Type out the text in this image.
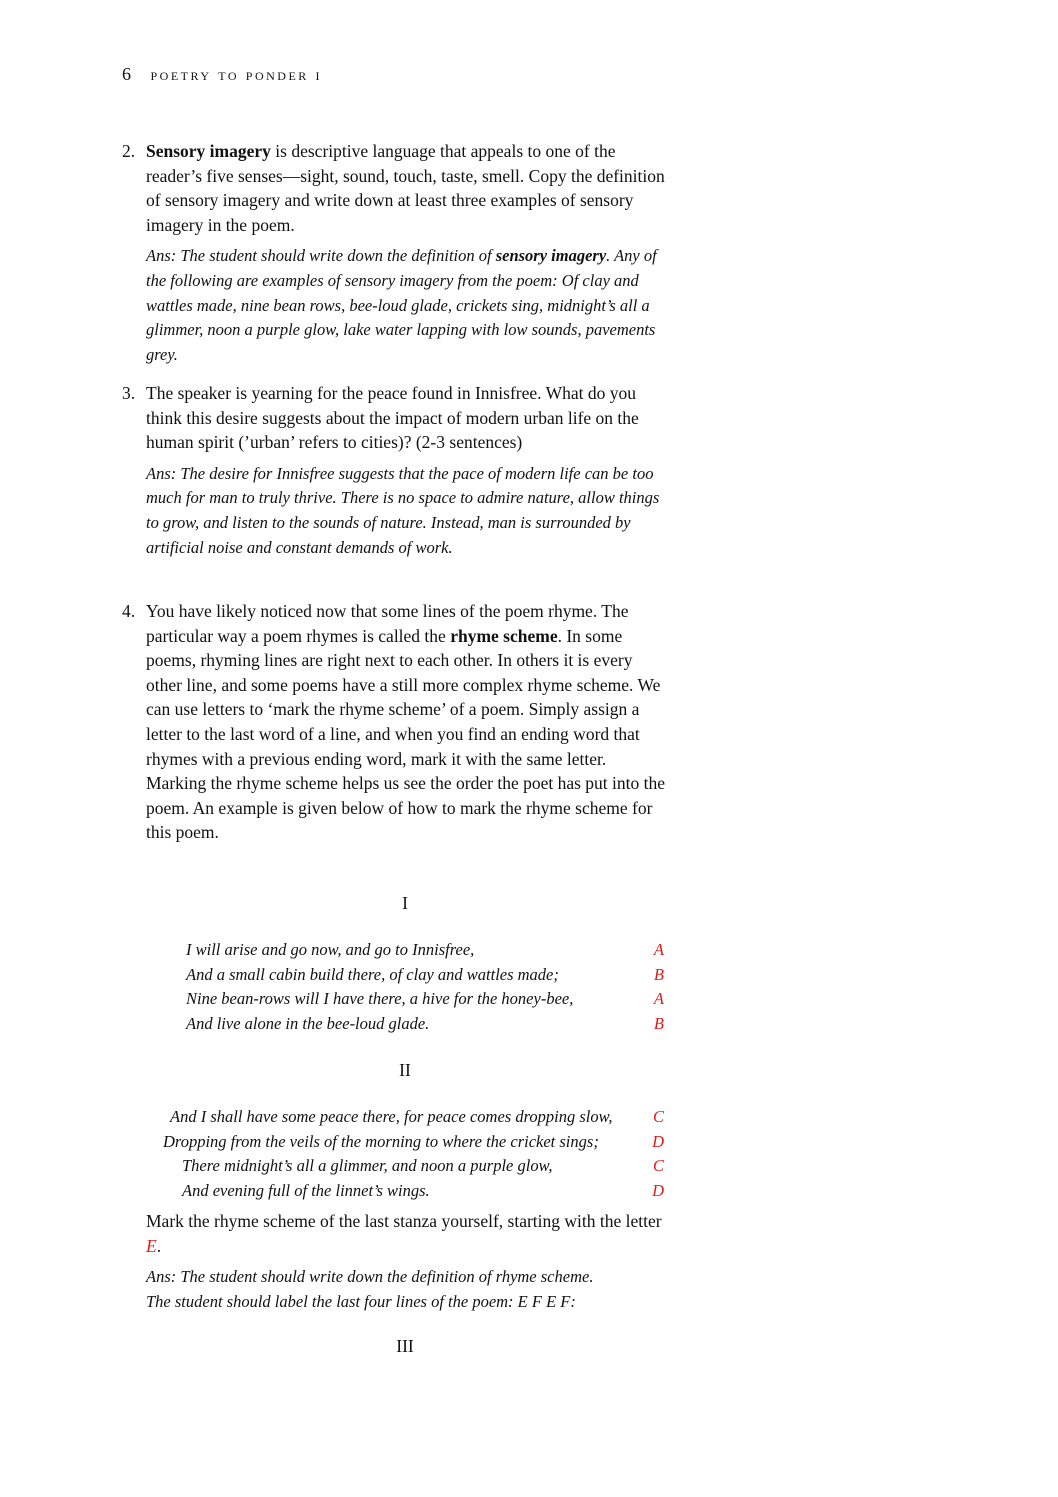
6 poetry to ponder i
2. Sensory imagery is descriptive language that appeals to one of the reader’s five senses—sight, sound, touch, taste, smell. Copy the definition of sensory imagery and write down at least three examples of sensory imagery in the poem.
Ans: The student should write down the definition of sensory imagery. Any of the following are examples of sensory imagery from the poem: Of clay and wattles made, nine bean rows, bee-loud glade, crickets sing, midnight’s all a glimmer, noon a purple glow, lake water lapping with low sounds, pavements grey.
3. The speaker is yearning for the peace found in Innisfree. What do you think this desire suggests about the impact of modern urban life on the human spirit (’urban’ refers to cities)? (2-3 sentences)
Ans: The desire for Innisfree suggests that the pace of modern life can be too much for man to truly thrive. There is no space to admire nature, allow things to grow, and listen to the sounds of nature. Instead, man is surrounded by artificial noise and constant demands of work.
4. You have likely noticed now that some lines of the poem rhyme. The particular way a poem rhymes is called the rhyme scheme. In some poems, rhyming lines are right next to each other. In others it is every other line, and some poems have a still more complex rhyme scheme. We can use letters to ‘mark the rhyme scheme’ of a poem. Simply assign a letter to the last word of a line, and when you find an ending word that rhymes with a previous ending word, mark it with the same letter. Marking the rhyme scheme helps us see the order the poet has put into the poem. An example is given below of how to mark the rhyme scheme for this poem.
I
I will arise and go now, and go to Innisfree,	A
And a small cabin build there, of clay and wattles made;	B
Nine bean-rows will I have there, a hive for the honey-bee,	A
And live alone in the bee-loud glade.	B
II
And I shall have some peace there, for peace comes dropping slow, C
Dropping from the veils of the morning to where the cricket sings;	D
There midnight’s all a glimmer, and noon a purple glow,	C
And evening full of the linnet’s wings.	D
Mark the rhyme scheme of the last stanza yourself, starting with the letter E.
Ans: The student should write down the definition of rhyme scheme.
The student should label the last four lines of the poem: E F E F:
III
